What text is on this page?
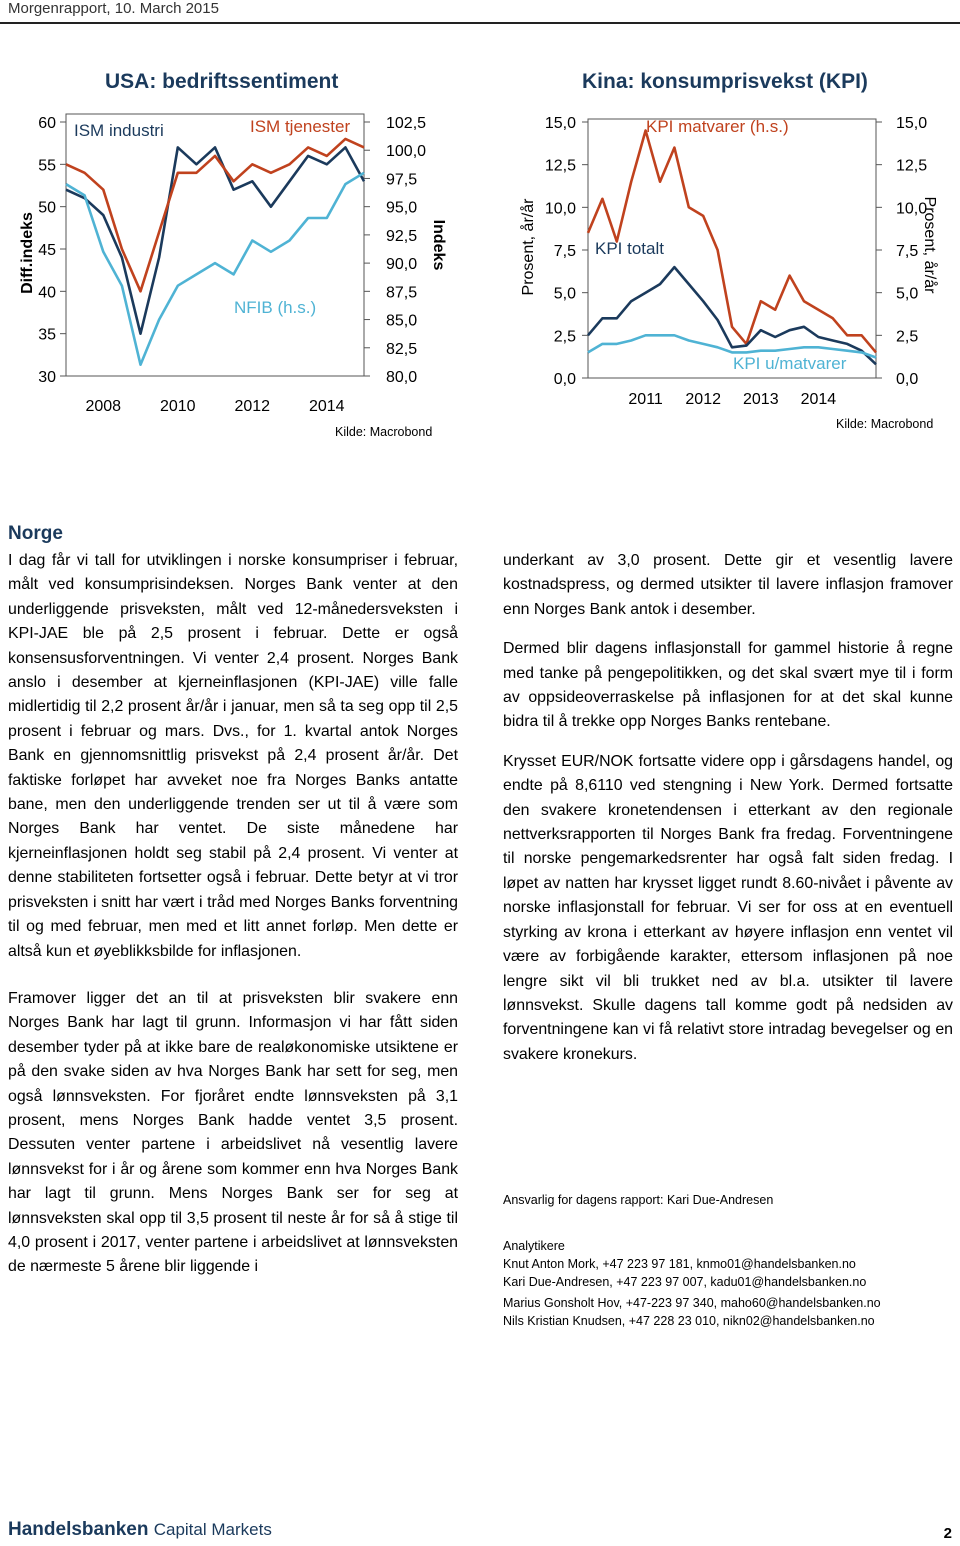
Morgenrapport, 10. March 2015
USA: bedriftssentiment
60
55
50
45
40
35
30
102,5
100,0
97,5
95,0
92,5
90,0
87,5
85,0
82,5
80,0
2008 2010 2012 2014
Diff.indeks	Indeks
ISM industri	ISM tjenester
NFIB (h.s.)
Kilde: Macrobond
Kina: konsumprisvekst (KPI)
15,0
12,5
10,0
7,5
5,0
2,5
0,0
15,0
12,5
10,0
7,5
5,0
2,5
0,0
2011 2012 2013 2014
Prosent, år/år	Prosent, år/år
KPI matvarer (h.s.)
KPI totalt
KPI u/matvarer
Kilde: Macrobond
Norge

I dag får vi tall for utviklingen i norske konsumpriser i februar, målt ved konsumprisindeksen. Norges Bank venter at den underliggende prisveksten, målt ved 12-månedersveksten i KPI-JAE ble på 2,5 prosent i februar. Dette er også konsensusforventningen. Vi venter 2,4 prosent. Norges Bank anslo i desember at kjerneinflasjonen (KPI-JAE) ville falle midlertidig til 2,2 prosent år/år i januar, men så ta seg opp til 2,5 prosent i februar og mars. Dvs., for 1. kvartal antok Norges Bank en gjennomsnittlig prisvekst på 2,4 prosent år/år. Det faktiske forløpet har avveket noe fra Norges Banks antatte bane, men den underliggende trenden ser ut til å være som Norges Bank har ventet. De siste månedene har kjerneinflasjonen holdt seg stabil på 2,4 prosent. Vi venter at denne stabiliteten fortsetter også i februar. Dette betyr at vi tror prisveksten i snitt har vært i tråd med Norges Banks forventning til og med februar, men med et litt annet forløp. Men dette er altså kun et øyeblikksbilde for inflasjonen.

Framover ligger det an til at prisveksten blir svakere enn Norges Bank har lagt til grunn. Informasjon vi har fått siden desember tyder på at ikke bare de realøkonomiske utsiktene er på den svake siden av hva Norges Bank har sett for seg, men også lønnsveksten. For fjoråret endte lønnsveksten på 3,1 prosent, mens Norges Bank hadde ventet 3,5 prosent. Dessuten venter partene i arbeidslivet nå vesentlig lavere lønnsvekst for i år og årene som kommer enn hva Norges Bank har lagt til grunn. Mens Norges Bank ser for seg at lønnsveksten skal opp til 3,5 prosent til neste år for så å stige til 4,0 prosent i 2017, venter partene i arbeidslivet at lønnsveksten de nærmeste 5 årene blir liggende i

underkant av 3,0 prosent. Dette gir et vesentlig lavere kostnadspress, og dermed utsikter til lavere inflasjon framover enn Norges Bank antok i desember.

Dermed blir dagens inflasjonstall for gammel historie å regne med tanke på pengepolitikken, og det skal svært mye til i form av oppsideoverraskelse på inflasjonen for at det skal kunne bidra til å trekke opp Norges Banks rentebane.

Krysset EUR/NOK fortsatte videre opp i gårsdagens handel, og endte på 8,6110 ved stengning i New York. Dermed fortsatte den svakere kronetendensen i etterkant av den regionale nettverksrapporten til Norges Bank fra fredag. Forventningene til norske pengemarkedsrenter har også falt siden fredag. I løpet av natten har krysset ligget rundt 8.60-nivået i påvente av norske inflasjonstall for februar. Vi ser for oss at en eventuell styrking av krona i etterkant av høyere inflasjon enn ventet vil være av forbigående karakter, ettersom inflasjonen på noe lengre sikt vil bli trukket ned av bl.a. utsikter til lavere lønnsvekst. Skulle dagens tall komme godt på nedsiden av forventningene kan vi få relativt store intradag bevegelser og en svakere kronekurs.

Ansvarlig for dagens rapport: Kari Due-Andresen

Analytikere

Knut Anton Mork, +47 223 97 181, knmo01@handelsbanken.no

Kari Due-Andresen, +47 223 97 007, kadu01@handelsbanken.no

Marius Gonsholt Hov, +47-223 97 340, maho60@handelsbanken.no

Nils Kristian Knudsen, +47 228 23 010, nikn02@handelsbanken.no

Handelsbanken Capital Markets	2
